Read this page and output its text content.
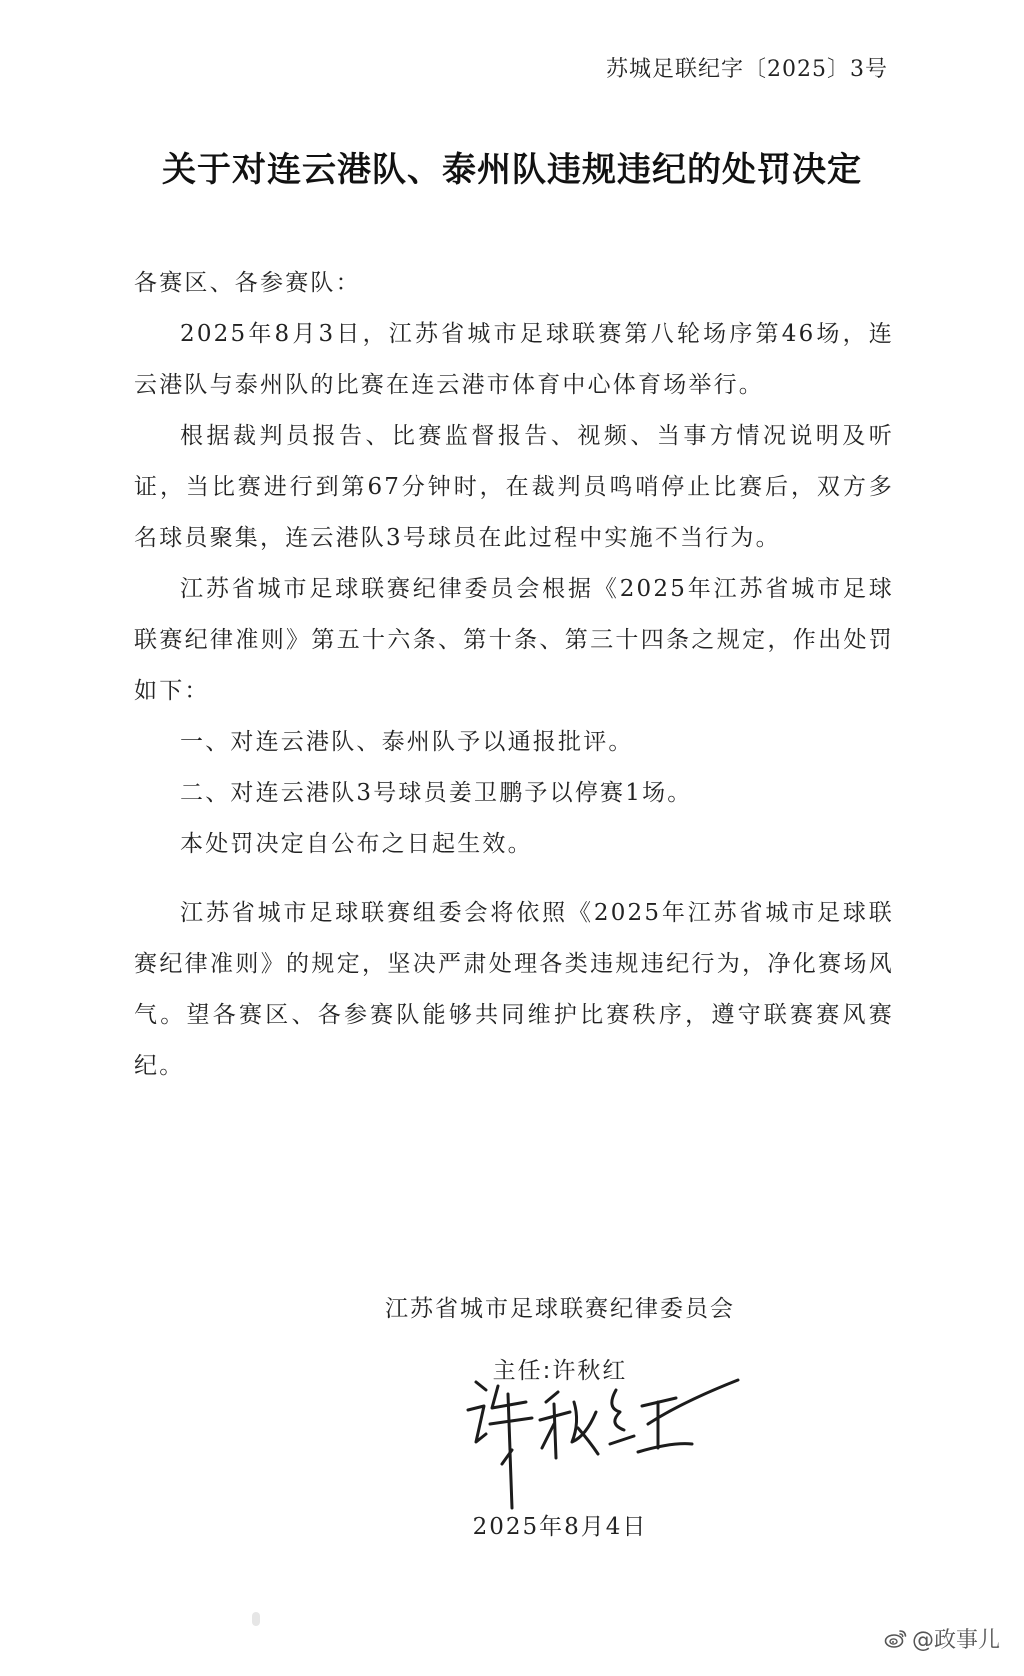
苏城足联纪字〔2025〕3号
关于对连云港队、泰州队违规违纪的处罚决定

各赛区、各参赛队：

2025年8月3日，江苏省城市足球联赛第八轮场序第46场，连云港队与泰州队的比赛在连云港市体育中心体育场举行。

根据裁判员报告、比赛监督报告、视频、当事方情况说明及听证，当比赛进行到第67分钟时，在裁判员鸣哨停止比赛后，双方多名球员聚集，连云港队3号球员在此过程中实施不当行为。

江苏省城市足球联赛纪律委员会根据《2025年江苏省城市足球联赛纪律准则》第五十六条、第十条、第三十四条之规定，作出处罚如下：

一、对连云港队、泰州队予以通报批评。

二、对连云港队3号球员姜卫鹏予以停赛1场。

本处罚决定自公布之日起生效。

江苏省城市足球联赛组委会将依照《2025年江苏省城市足球联赛纪律准则》的规定，坚决严肃处理各类违规违纪行为，净化赛场风气。望各赛区、各参赛队能够共同维护比赛秩序，遵守联赛赛风赛纪。

江苏省城市足球联赛纪律委员会
主任:许秋红
2025年8月4日
@政事儿
